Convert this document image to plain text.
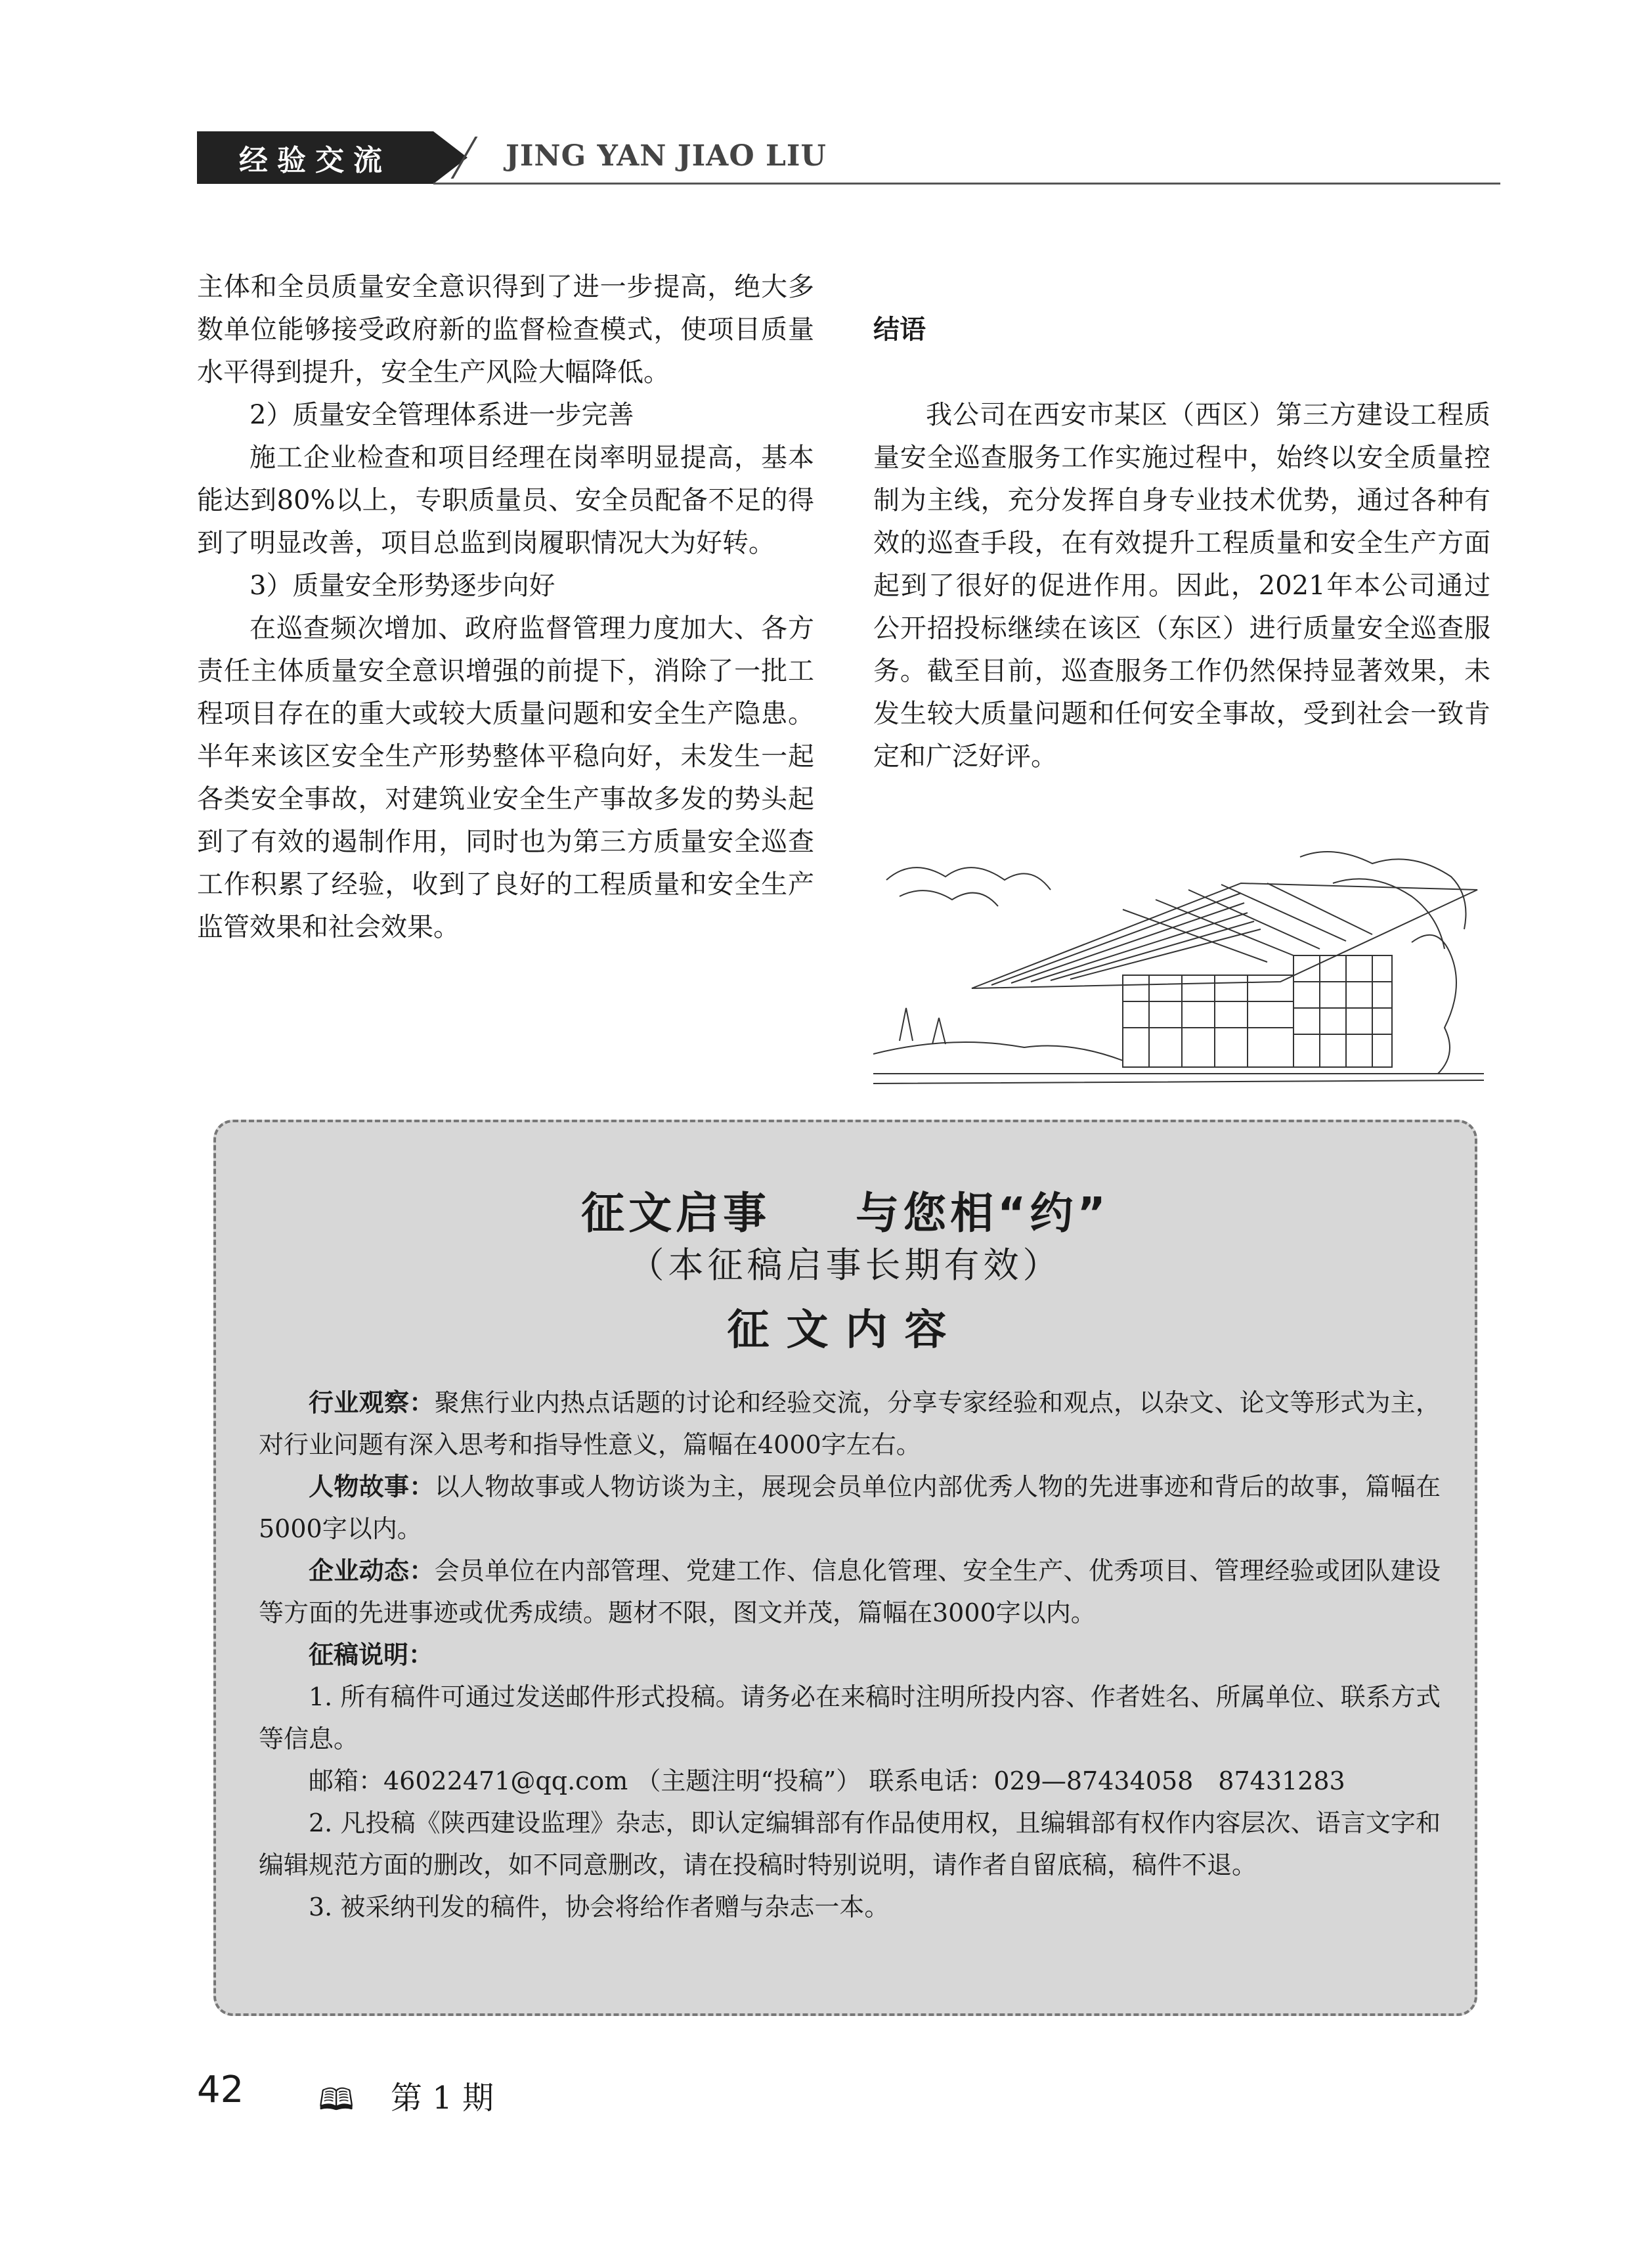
经验交流	JING YAN JIAO LIU

主体和全员质量安全意识得到了进一步提高，绝大多数单位能够接受政府新的监督检查模式，使项目质量水平得到提升，安全生产风险大幅降低。

2）质量安全管理体系进一步完善

施工企业检查和项目经理在岗率明显提高，基本能达到80%以上，专职质量员、安全员配备不足的得到了明显改善，项目总监到岗履职情况大为好转。

3）质量安全形势逐步向好

在巡查频次增加、政府监督管理力度加大、各方责任主体质量安全意识增强的前提下，消除了一批工程项目存在的重大或较大质量问题和安全生产隐患。半年来该区安全生产形势整体平稳向好，未发生一起各类安全事故，对建筑业安全生产事故多发的势头起到了有效的遏制作用，同时也为第三方质量安全巡查工作积累了经验，收到了良好的工程质量和安全生产监管效果和社会效果。

结语

我公司在西安市某区（西区）第三方建设工程质量安全巡查服务工作实施过程中，始终以安全质量控制为主线，充分发挥自身专业技术优势，通过各种有效的巡查手段，在有效提升工程质量和安全生产方面起到了很好的促进作用。因此，2021年本公司通过公开招投标继续在该区（东区）进行质量安全巡查服务。截至目前，巡查服务工作仍然保持显著效果，未发生较大质量问题和任何安全事故，受到社会一致肯定和广泛好评。

征文启事 与您相“约”
（本征稿启事长期有效）
征文内容

行业观察：聚焦行业内热点话题的讨论和经验交流，分享专家经验和观点，以杂文、论文等形式为主，对行业问题有深入思考和指导性意义，篇幅在4000字左右。

人物故事：以人物故事或人物访谈为主，展现会员单位内部优秀人物的先进事迹和背后的故事，篇幅在5000字以内。

企业动态：会员单位在内部管理、党建工作、信息化管理、安全生产、优秀项目、管理经验或团队建设等方面的先进事迹或优秀成绩。题材不限，图文并茂，篇幅在3000字以内。

征稿说明：

1. 所有稿件可通过发送邮件形式投稿。请务必在来稿时注明所投内容、作者姓名、所属单位、联系方式等信息。

邮箱：46022471@qq.com （主题注明“投稿”） 联系电话：029—87434058　87431283

2. 凡投稿《陕西建设监理》杂志，即认定编辑部有作品使用权，且编辑部有权作内容层次、语言文字和编辑规范方面的删改，如不同意删改，请在投稿时特别说明，请作者自留底稿，稿件不退。

3. 被采纳刊发的稿件，协会将给作者赠与杂志一本。

42 🕮 第 1 期
